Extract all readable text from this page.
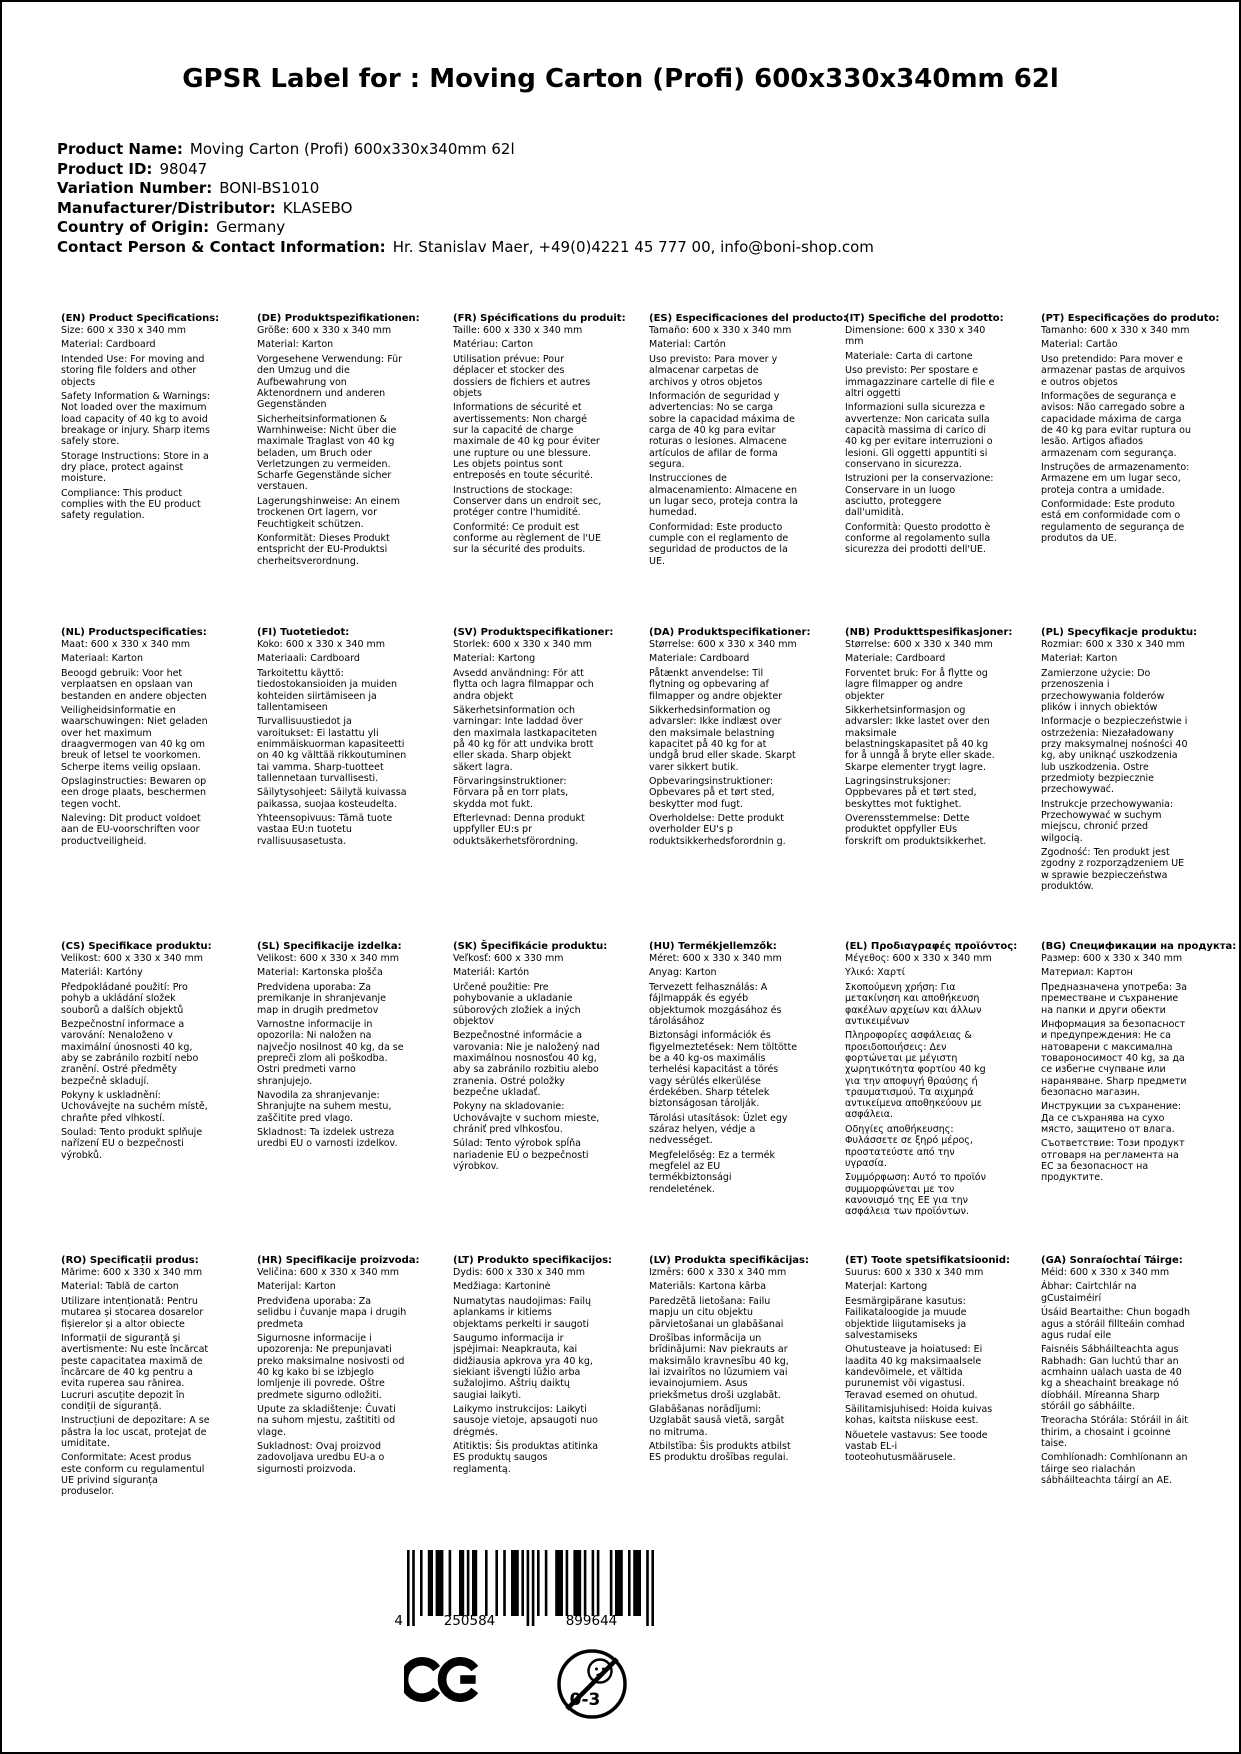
GPSR Label for : Moving Carton (Profi) 600x330x340mm 62l
Product Name: Moving Carton (Profi) 600x330x340mm 62l
Product ID: 98047
Variation Number: BONI-BS1010
Manufacturer/Distributor: KLASEBO
Country of Origin: Germany
Contact Person & Contact Information: Hr. Stanislav Maer, +49(0)4221 45 777 00, info@boni-shop.com
(EN) Product Specifications:

Size: 600 x 330 x 340 mm

Material: Cardboard

Intended Use: For moving and storing file folders and other objects

Safety Information & Warnings: Not loaded over the maximum load capacity of 40 kg to avoid breakage or injury. Sharp items safely store.

Storage Instructions: Store in a dry place, protect against moisture.

Compliance: This product complies with the EU product safety regulation.

(DE) Produktspezifikationen:

Größe: 600 x 330 x 340 mm

Material: Karton

Vorgesehene Verwendung: Für den Umzug und die Aufbewahrung von Aktenordnern und anderen Gegenständen

Sicherheitsinformationen & Warnhinweise: Nicht über die maximale Traglast von 40 kg beladen, um Bruch oder Verletzungen zu vermeiden. Scharfe Gegenstände sicher verstauen.

Lagerungshinweise: An einem trockenen Ort lagern, vor Feuchtigkeit schützen.

Konformität: Dieses Produkt entspricht der EU-Produktsi cherheitsverordnung.

(FR) Spécifications du produit:

Taille: 600 x 330 x 340 mm

Matériau: Carton

Utilisation prévue: Pour déplacer et stocker des dossiers de fichiers et autres objets

Informations de sécurité et avertissements: Non chargé sur la capacité de charge maximale de 40 kg pour éviter une rupture ou une blessure. Les objets pointus sont entreposés en toute sécurité.

Instructions de stockage: Conserver dans un endroit sec, protéger contre l'humidité.

Conformité: Ce produit est conforme au règlement de l'UE sur la sécurité des produits.

(ES) Especificaciones del producto:

Tamaño: 600 x 330 x 340 mm

Material: Cartón

Uso previsto: Para mover y almacenar carpetas de archivos y otros objetos

Información de seguridad y advertencias: No se carga sobre la capacidad máxima de carga de 40 kg para evitar roturas o lesiones. Almacene artículos de afilar de forma segura.

Instrucciones de almacenamiento: Almacene en un lugar seco, proteja contra la humedad.

Conformidad: Este producto cumple con el reglamento de seguridad de productos de la UE.

(IT) Specifiche del prodotto:

Dimensione: 600 x 330 x 340 mm

Materiale: Carta di cartone

Uso previsto: Per spostare e immagazzinare cartelle di file e altri oggetti

Informazioni sulla sicurezza e avvertenze: Non caricata sulla capacità massima di carico di 40 kg per evitare interruzioni o lesioni. Gli oggetti appuntiti si conservano in sicurezza.

Istruzioni per la conservazione: Conservare in un luogo asciutto, proteggere dall'umidità.

Conformità: Questo prodotto è conforme al regolamento sulla sicurezza dei prodotti dell'UE.

(PT) Especificações do produto:

Tamanho: 600 x 330 x 340 mm

Material: Cartão

Uso pretendido: Para mover e armazenar pastas de arquivos e outros objetos

Informações de segurança e avisos: Não carregado sobre a capacidade máxima de carga de 40 kg para evitar ruptura ou lesão. Artigos afiados armazenam com segurança.

Instruções de armazenamento: Armazene em um lugar seco, proteja contra a umidade.

Conformidade: Este produto está em conformidade com o regulamento de segurança de produtos da UE.

(NL) Productspecificaties:

Maat: 600 x 330 x 340 mm

Materiaal: Karton

Beoogd gebruik: Voor het verplaatsen en opslaan van bestanden en andere objecten

Veiligheidsinformatie en waarschuwingen: Niet geladen over het maximum draagvermogen van 40 kg om breuk of letsel te voorkomen. Scherpe items veilig opslaan.

Opslaginstructies: Bewaren op een droge plaats, beschermen tegen vocht.

Naleving: Dit product voldoet aan de EU-voorschriften voor productveiligheid.

(FI) Tuotetiedot:

Koko: 600 x 330 x 340 mm

Materiaali: Cardboard

Tarkoitettu käyttö: tiedostokansioiden ja muiden kohteiden siirtämiseen ja tallentamiseen

Turvallisuustiedot ja varoitukset: Ei lastattu yli enimmäiskuorman kapasiteetti on 40 kg välttää rikkoutuminen tai vamma. Sharp-tuotteet tallennetaan turvallisesti.

Säilytysohjeet: Säilytä kuivassa paikassa, suojaa kosteudelta.

Yhteensopivuus: Tämä tuote vastaa EU:n tuotetu rvallisuusasetusta.

(SV) Produktspecifikationer:

Storlek: 600 x 330 x 340 mm

Material: Kartong

Avsedd användning: För att flytta och lagra filmappar och andra objekt

Säkerhetsinformation och varningar: Inte laddad över den maximala lastkapaciteten på 40 kg för att undvika brott eller skada. Sharp objekt säkert lagra.

Förvaringsinstruktioner: Förvara på en torr plats, skydda mot fukt.

Efterlevnad: Denna produkt uppfyller EU:s pr oduktsäkerhetsförordning.

(DA) Produktspecifikationer:

Størrelse: 600 x 330 x 340 mm

Materiale: Cardboard

Påtænkt anvendelse: Til flytning og opbevaring af filmapper og andre objekter

Sikkerhedsinformation og advarsler: Ikke indlæst over den maksimale belastning kapacitet på 40 kg for at undgå brud eller skade. Skarpt varer sikkert butik.

Opbevaringsinstruktioner: Opbevares på et tørt sted, beskytter mod fugt.

Overholdelse: Dette produkt overholder EU's p roduktsikkerhedsforordnin g.

(NB) Produkttspesifikasjoner:

Størrelse: 600 x 330 x 340 mm

Materiale: Cardboard

Forventet bruk: For å flytte og lagre filmapper og andre objekter

Sikkerhetsinformasjon og advarsler: Ikke lastet over den maksimale belastningskapasitet på 40 kg for å unngå å bryte eller skade. Skarpe elementer trygt lagre.

Lagringsinstruksjoner: Oppbevares på et tørt sted, beskyttes mot fuktighet.

Overensstemmelse: Dette produktet oppfyller EUs forskrift om produktsikkerhet.

(PL) Specyfikacje produktu:

Rozmiar: 600 x 330 x 340 mm

Materiał: Karton

Zamierzone użycie: Do przenoszenia i przechowywania folderów plików i innych obiektów

Informacje o bezpieczeństwie i ostrzeżenia: Niezaładowany przy maksymalnej nośności 40 kg, aby uniknąć uszkodzenia lub uszkodzenia. Ostre przedmioty bezpiecznie przechowywać.

Instrukcje przechowywania: Przechowywać w suchym miejscu, chronić przed wilgocią.

Zgodność: Ten produkt jest zgodny z rozporządzeniem UE w sprawie bezpieczeństwa produktów.

(CS) Specifikace produktu:

Velikost: 600 x 330 x 340 mm

Materiál: Kartóny

Předpokládané použití: Pro pohyb a ukládání složek souborů a dalších objektů

Bezpečnostní informace a varování: Nenaloženo v maximální únosnosti 40 kg, aby se zabránilo rozbití nebo zranění. Ostré předměty bezpečně skladují.

Pokyny k uskladnění: Uchovávejte na suchém místě, chraňte před vlhkostí.

Soulad: Tento produkt splňuje nařízení EU o bezpečnosti výrobků.

(SL) Specifikacije izdelka:

Velikost: 600 x 330 x 340 mm

Material: Kartonska plošča

Predvidena uporaba: Za premikanje in shranjevanje map in drugih predmetov

Varnostne informacije in opozorila: Ni naložen na največjo nosilnost 40 kg, da se prepreči zlom ali poškodba. Ostri predmeti varno shranjujejo.

Navodila za shranjevanje: Shranjujte na suhem mestu, zaščitite pred vlago.

Skladnost: Ta izdelek ustreza uredbi EU o varnosti izdelkov.

(SK) Špecifikácie produktu:

Veľkosť: 600 x 330 mm

Materiál: Kartón

Určené použitie: Pre pohybovanie a ukladanie súborových zložiek a iných objektov

Bezpečnostné informácie a varovania: Nie je naložený nad maximálnou nosnosťou 40 kg, aby sa zabránilo rozbitiu alebo zranenia. Ostré položky bezpečne ukladať.

Pokyny na skladovanie: Uchovávajte v suchom mieste, chrániť pred vlhkosťou.

Súlad: Tento výrobok spĺňa nariadenie EÚ o bezpečnosti výrobkov.

(HU) Termékjellemzők:

Méret: 600 x 330 x 340 mm

Anyag: Karton

Tervezett felhasználás: A fájlmappák és egyéb objektumok mozgásához és tárolásához

Biztonsági információk és figyelmeztetések: Nem töltötte be a 40 kg-os maximális terhelési kapacitást a törés vagy sérülés elkerülése érdekében. Sharp tételek biztonságosan tárolják.

Tárolási utasítások: Üzlet egy száraz helyen, védje a nedvességet.

Megfelelőség: Ez a termék megfelel az EU termékbiztonsági rendeletének.

(EL) Προδιαγραφές προϊόντος:

Μέγεθος: 600 x 330 x 340 mm

Υλικό: Χαρτί

Σκοπούμενη χρήση: Για μετακίνηση και αποθήκευση φακέλων αρχείων και άλλων αντικειμένων

Πληροφορίες ασφάλειας & προειδοποιήσεις: Δεν φορτώνεται με μέγιστη χωρητικότητα φορτίου 40 kg για την αποφυγή θραύσης ή τραυματισμού. Τα αιχμηρά αντικείμενα αποθηκεύουν με ασφάλεια.

Οδηγίες αποθήκευσης: Φυλάσσετε σε ξηρό μέρος, προστατεύστε από την υγρασία.

Συμμόρφωση: Αυτό το προϊόν συμμορφώνεται με τον κανονισμό της ΕΕ για την ασφάλεια των προϊόντων.

(BG) Спецификации на продукта:

Размер: 600 x 330 x 340 mm

Материал: Картон

Предназначена употреба: За преместване и съхранение на папки и други обекти

Информация за безопасност и предупреждения: Не са натоварени с максимална товароносимост 40 kg, за да се избегне счупване или нараняване. Sharp предмети безопасно магазин.

Инструкции за съхранение: Да се съхранява на сухо място, защитено от влага.

Съответствие: Този продукт отговаря на регламента на ЕС за безопасност на продуктите.

(RO) Specificații produs:

Mărime: 600 x 330 x 340 mm

Material: Tablă de carton

Utilizare intenționată: Pentru mutarea și stocarea dosarelor fișierelor și a altor obiecte

Informații de siguranță și avertismente: Nu este încărcat peste capacitatea maximă de încărcare de 40 kg pentru a evita ruperea sau rănirea. Lucruri ascuțite depozit în condiții de siguranță.

Instrucțiuni de depozitare: A se păstra la loc uscat, protejat de umiditate.

Conformitate: Acest produs este conform cu regulamentul UE privind siguranța produselor.

(HR) Specifikacije proizvoda:

Veličina: 600 x 330 x 340 mm

Materijal: Karton

Predviđena uporaba: Za selidbu i čuvanje mapa i drugih predmeta

Sigurnosne informacije i upozorenja: Ne prepunjavati preko maksimalne nosivosti od 40 kg kako bi se izbjeglo lomljenje ili povrede. Oštre predmete sigurno odložiti.

Upute za skladištenje: Čuvati na suhom mjestu, zaštititi od vlage.

Sukladnost: Ovaj proizvod zadovoljava uredbu EU-a o sigurnosti proizvoda.

(LT) Produkto specifikacijos:

Dydis: 600 x 330 x 340 mm

Medžiaga: Kartoninė

Numatytas naudojimas: Failų aplankams ir kitiems objektams perkelti ir saugoti

Saugumo informacija ir įspėjimai: Neapkrauta, kai didžiausia apkrova yra 40 kg, siekiant išvengti lūžio arba sužalojimo. Aštrių daiktų saugiai laikyti.

Laikymo instrukcijos: Laikyti sausoje vietoje, apsaugoti nuo drėgmės.

Atitiktis: Šis produktas atitinka ES produktų saugos reglamentą.

(LV) Produkta specifikācijas:

Izmērs: 600 x 330 x 340 mm

Materiāls: Kartona kārba

Paredzētā lietošana: Failu mapju un citu objektu pārvietošanai un glabāšanai

Drošības informācija un brīdinājumi: Nav piekrauts ar maksimālo kravnesību 40 kg, lai izvairītos no lūzumiem vai ievainojumiem. Asus priekšmetus droši uzglabāt.

Glabāšanas norādījumi: Uzglabāt sausā vietā, sargāt no mitruma.

Atbilstība: Šis produkts atbilst ES produktu drošības regulai.

(ET) Toote spetsifikatsioonid:

Suurus: 600 x 330 x 340 mm

Materjal: Kartong

Eesmärgipärane kasutus: Failikataloogide ja muude objektide liigutamiseks ja salvestamiseks

Ohutusteave ja hoiatused: Ei laadita 40 kg maksimaalsele kandevõimele, et vältida purunemist või vigastusi. Teravad esemed on ohutud.

Säilitamisjuhised: Hoida kuivas kohas, kaitsta niiskuse eest.

Nõuetele vastavus: See toode vastab EL-i tooteohutusmäärusele.

(GA) Sonraíochtaí Táirge:

Méid: 600 x 330 x 340 mm

Ábhar: Cairtchlár na gCustaiméirí

Úsáid Beartaithe: Chun bogadh agus a stóráil fillteáin comhad agus rudaí eile

Faisnéis Sábháilteachta agus Rabhadh: Gan luchtú thar an acmhainn ualach uasta de 40 kg a sheachaint breakage nó díobháil. Míreanna Sharp stóráil go sábháilte.

Treoracha Stórála: Stóráil in áit thirim, a chosaint i gcoinne taise.

Comhlíonadh: Comhlíonann an táirge seo rialachán sábháilteachta táirgí an AE.

4	250584	899644
0-3
